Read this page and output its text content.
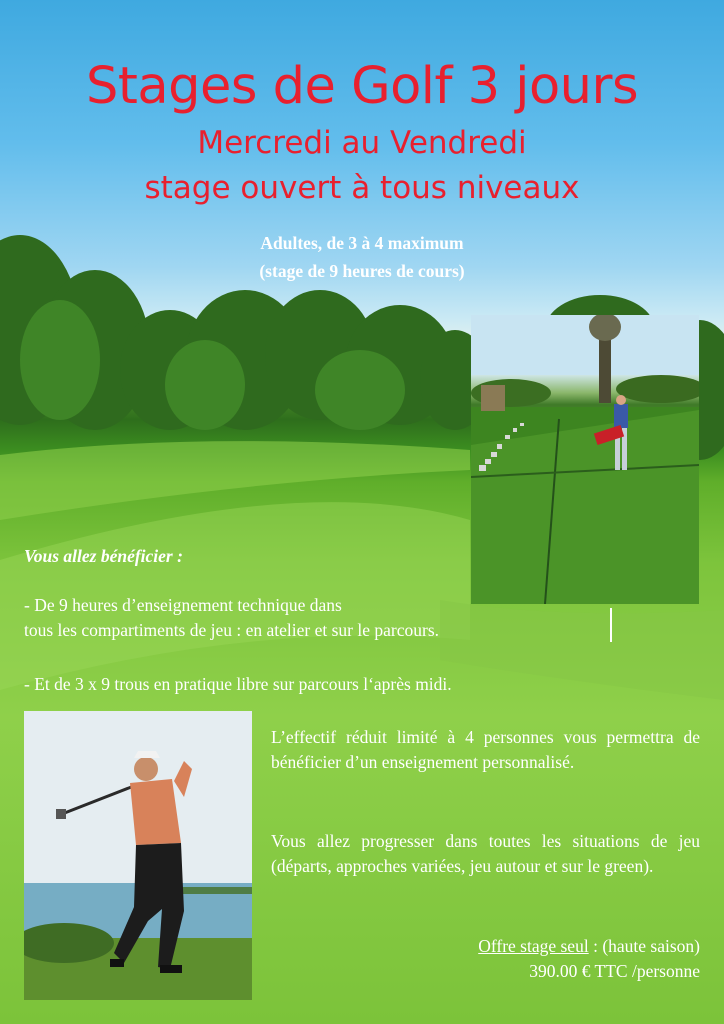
Stages de Golf 3 jours
Mercredi au Vendredi
stage ouvert à tous niveaux
Adultes, de 3 à 4 maximum
(stage de 9 heures de cours)
Vous allez bénéficier :
- De 9 heures d’enseignement technique dans
tous les compartiments de jeu : en atelier et sur le parcours.
- Et de 3 x 9 trous en pratique libre sur parcours l‘après midi.

L’effectif réduit limité à 4 personnes vous permettra de bénéficier d’un enseignement personnalisé.

Vous allez progresser dans toutes les situations de jeu (départs, approches variées, jeu autour et sur le green).

Offre stage seul : (haute saison)
390.00 € TTC /personne
